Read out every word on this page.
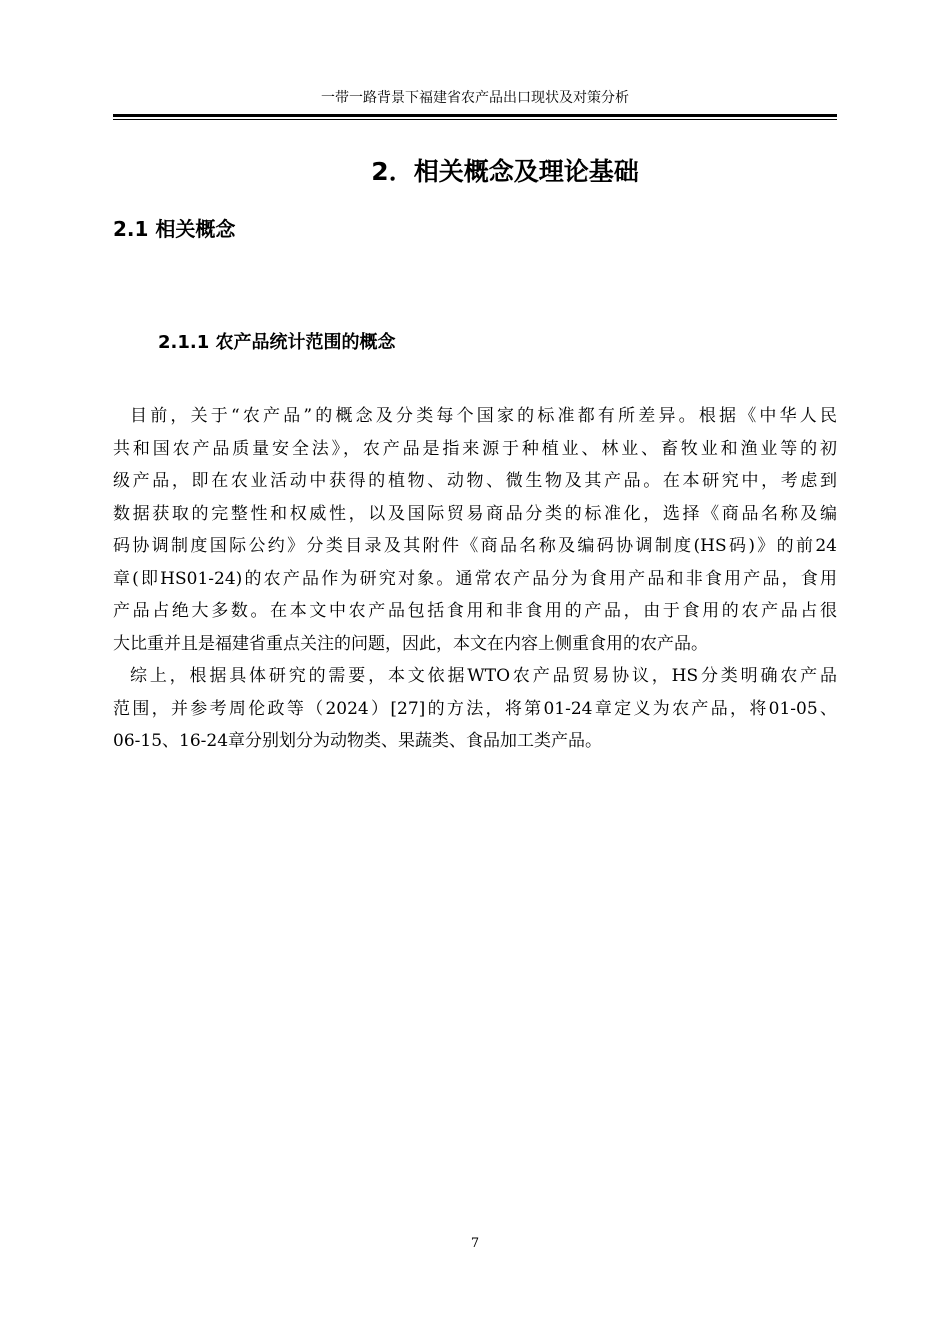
一带一路背景下福建省农产品出口现状及对策分析
2．相关概念及理论基础
2.1 相关概念
2.1.1 农产品统计范围的概念
目前，关于“农产品”的概念及分类每个国家的标准都有所差异。根据《中华人民
共和国农产品质量安全法》，农产品是指来源于种植业、林业、畜牧业和渔业等的初
级产品，即在农业活动中获得的植物、动物、微生物及其产品。在本研究中，考虑到
数据获取的完整性和权威性，以及国际贸易商品分类的标准化，选择《商品名称及编
码协调制度国际公约》分类目录及其附件《商品名称及编码协调制度(HS码)》的前24
章(即HS01-24)的农产品作为研究对象。通常农产品分为食用产品和非食用产品，食用
产品占绝大多数。在本文中农产品包括食用和非食用的产品，由于食用的农产品占很
大比重并且是福建省重点关注的问题，因此，本文在内容上侧重食用的农产品。
综上，根据具体研究的需要，本文依据WTO农产品贸易协议，HS分类明确农产品
范围，并参考周伦政等（2024）[27]的方法，将第01-24章定义为农产品，将01-05、
06-15、16-24章分别划分为动物类、果蔬类、食品加工类产品。
7
